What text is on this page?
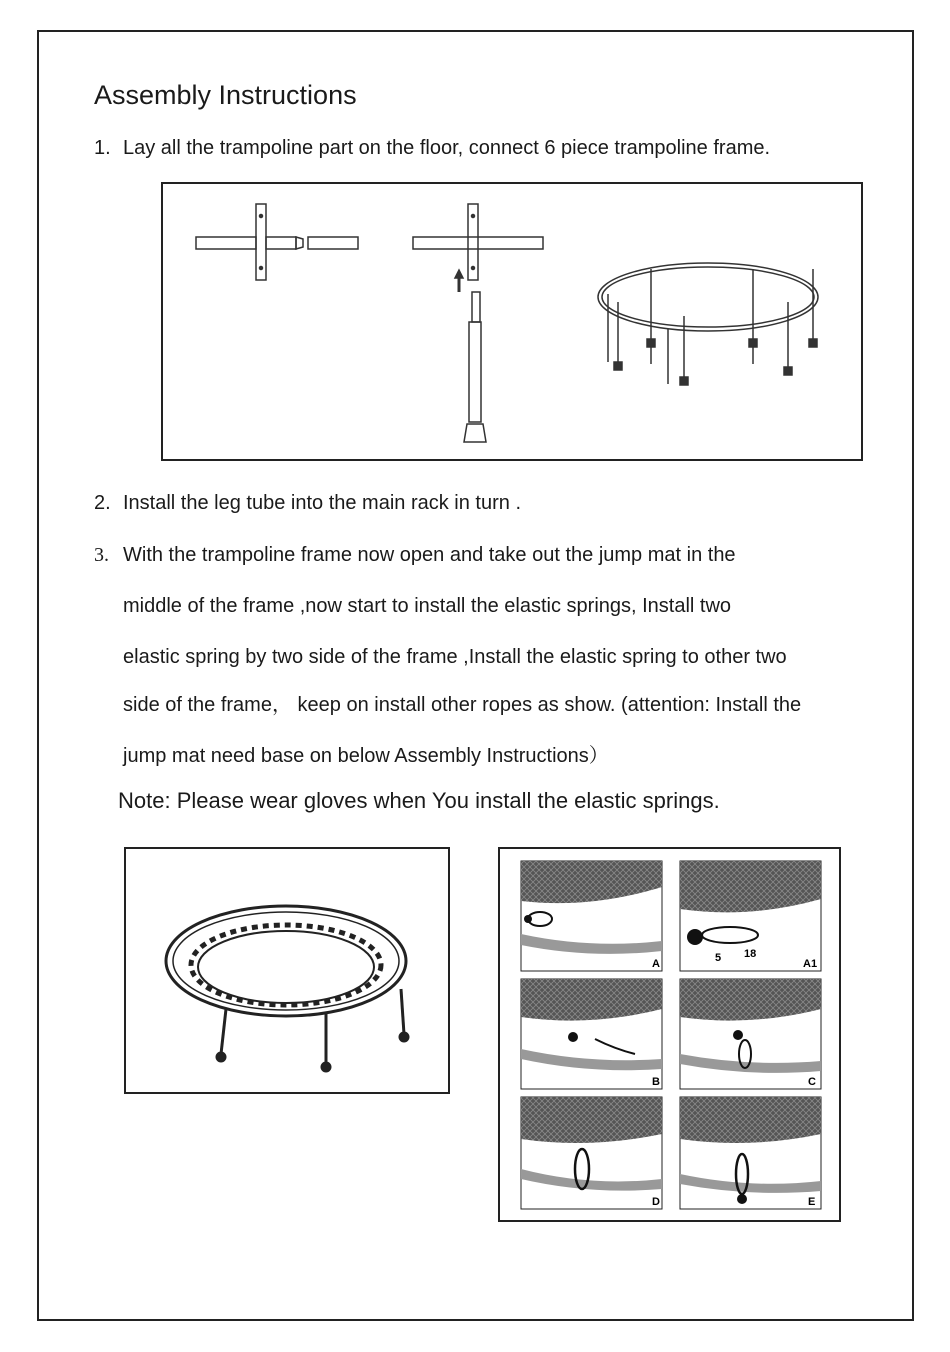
Assembly Instructions
1. Lay all the trampoline part on the floor, connect 6 piece trampoline frame.
2. Install the leg tube into the main rack in turn .
3. With the trampoline frame now open and take out the jump mat in the
middle of the frame ,now start to install the elastic springs, Install two
elastic spring by two side of the frame ,Install the elastic spring to other two
side of the frame， keep on install other ropes as show. (attention: Install the
jump mat need base on below Assembly Instructions）
Note: Please wear gloves when You install the elastic springs.
A	5 18
A1
B	C
D	E
